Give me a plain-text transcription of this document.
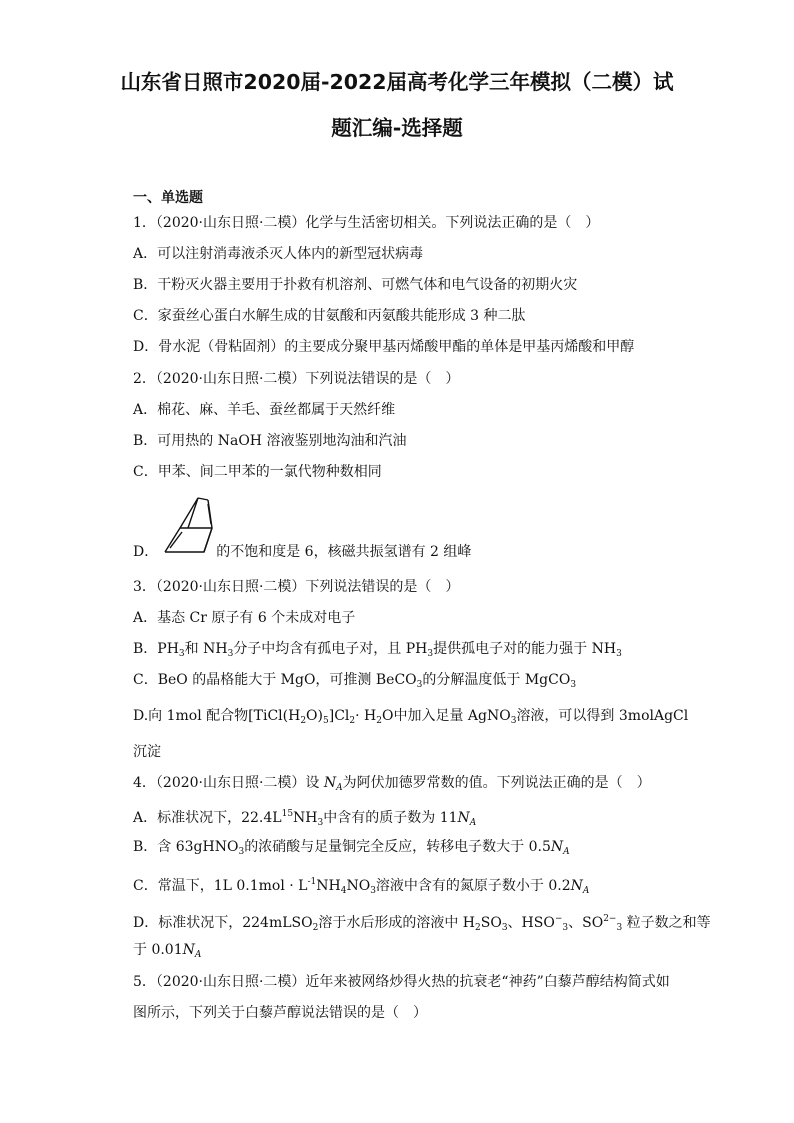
山东省日照市2020届-2022届高考化学三年模拟（二模）试
题汇编-选择题
一、单选题
1．（2020·山东日照·二模）化学与生活密切相关。下列说法正确的是（　）
A．可以注射消毒液杀灭人体内的新型冠状病毒
B．干粉灭火器主要用于扑救有机溶剂、可燃气体和电气设备的初期火灾
C．家蚕丝心蛋白水解生成的甘氨酸和丙氨酸共能形成 3 种二肽
D．骨水泥（骨粘固剂）的主要成分聚甲基丙烯酸甲酯的单体是甲基丙烯酸和甲醇
2．（2020·山东日照·二模）下列说法错误的是（　）
A．棉花、麻、羊毛、蚕丝都属于天然纤维
B．可用热的 NaOH 溶液鉴别地沟油和汽油
C．甲苯、间二甲苯的一氯代物种数相同
D．	的不饱和度是 6，核磁共振氢谱有 2 组峰
3．（2020·山东日照·二模）下列说法错误的是（　）
A．基态 Cr 原子有 6 个未成对电子
B．$PH_3$和 $NH_3$分子中均含有孤电子对，且 $PH_3$提供孤电子对的能力强于 $NH_3$
C．BeO 的晶格能大于 MgO，可推测 BeCO$_3$的分解温度低于 MgCO$_3$
D.向 1mol 配合物$[TiCl(H_2O)_5]Cl_2\cdot H_2O$中加入足量 AgNO$_3$溶液，可以得到 3molAgCl
沉淀
4．（2020·山东日照·二模）设 $N_A$为阿伏加德罗常数的值。下列说法正确的是（　）
A．标准状况下，$22.4L^{15}NH_3$中含有的质子数为 $11N_A$
B．含 63gHNO$_3$的浓硝酸与足量铜完全反应，转移电子数大于 $0.5N_A$
C．常温下，1L $0.1mol \cdot L^{-1}NH_4NO_3$溶液中含有的氮原子数小于 $0.2N_A$
D．标准状况下，224mLSO$_2$溶于水后形成的溶液中 $H_2SO_3$、$HSO^-_3$、$SO^{2-}_3$ 粒子数之和等
于 $0.01N_A$
5．（2020·山东日照·二模）近年来被网络炒得火热的抗衰老“神药”白藜芦醇结构简式如
图所示，下列关于白藜芦醇说法错误的是（　）
